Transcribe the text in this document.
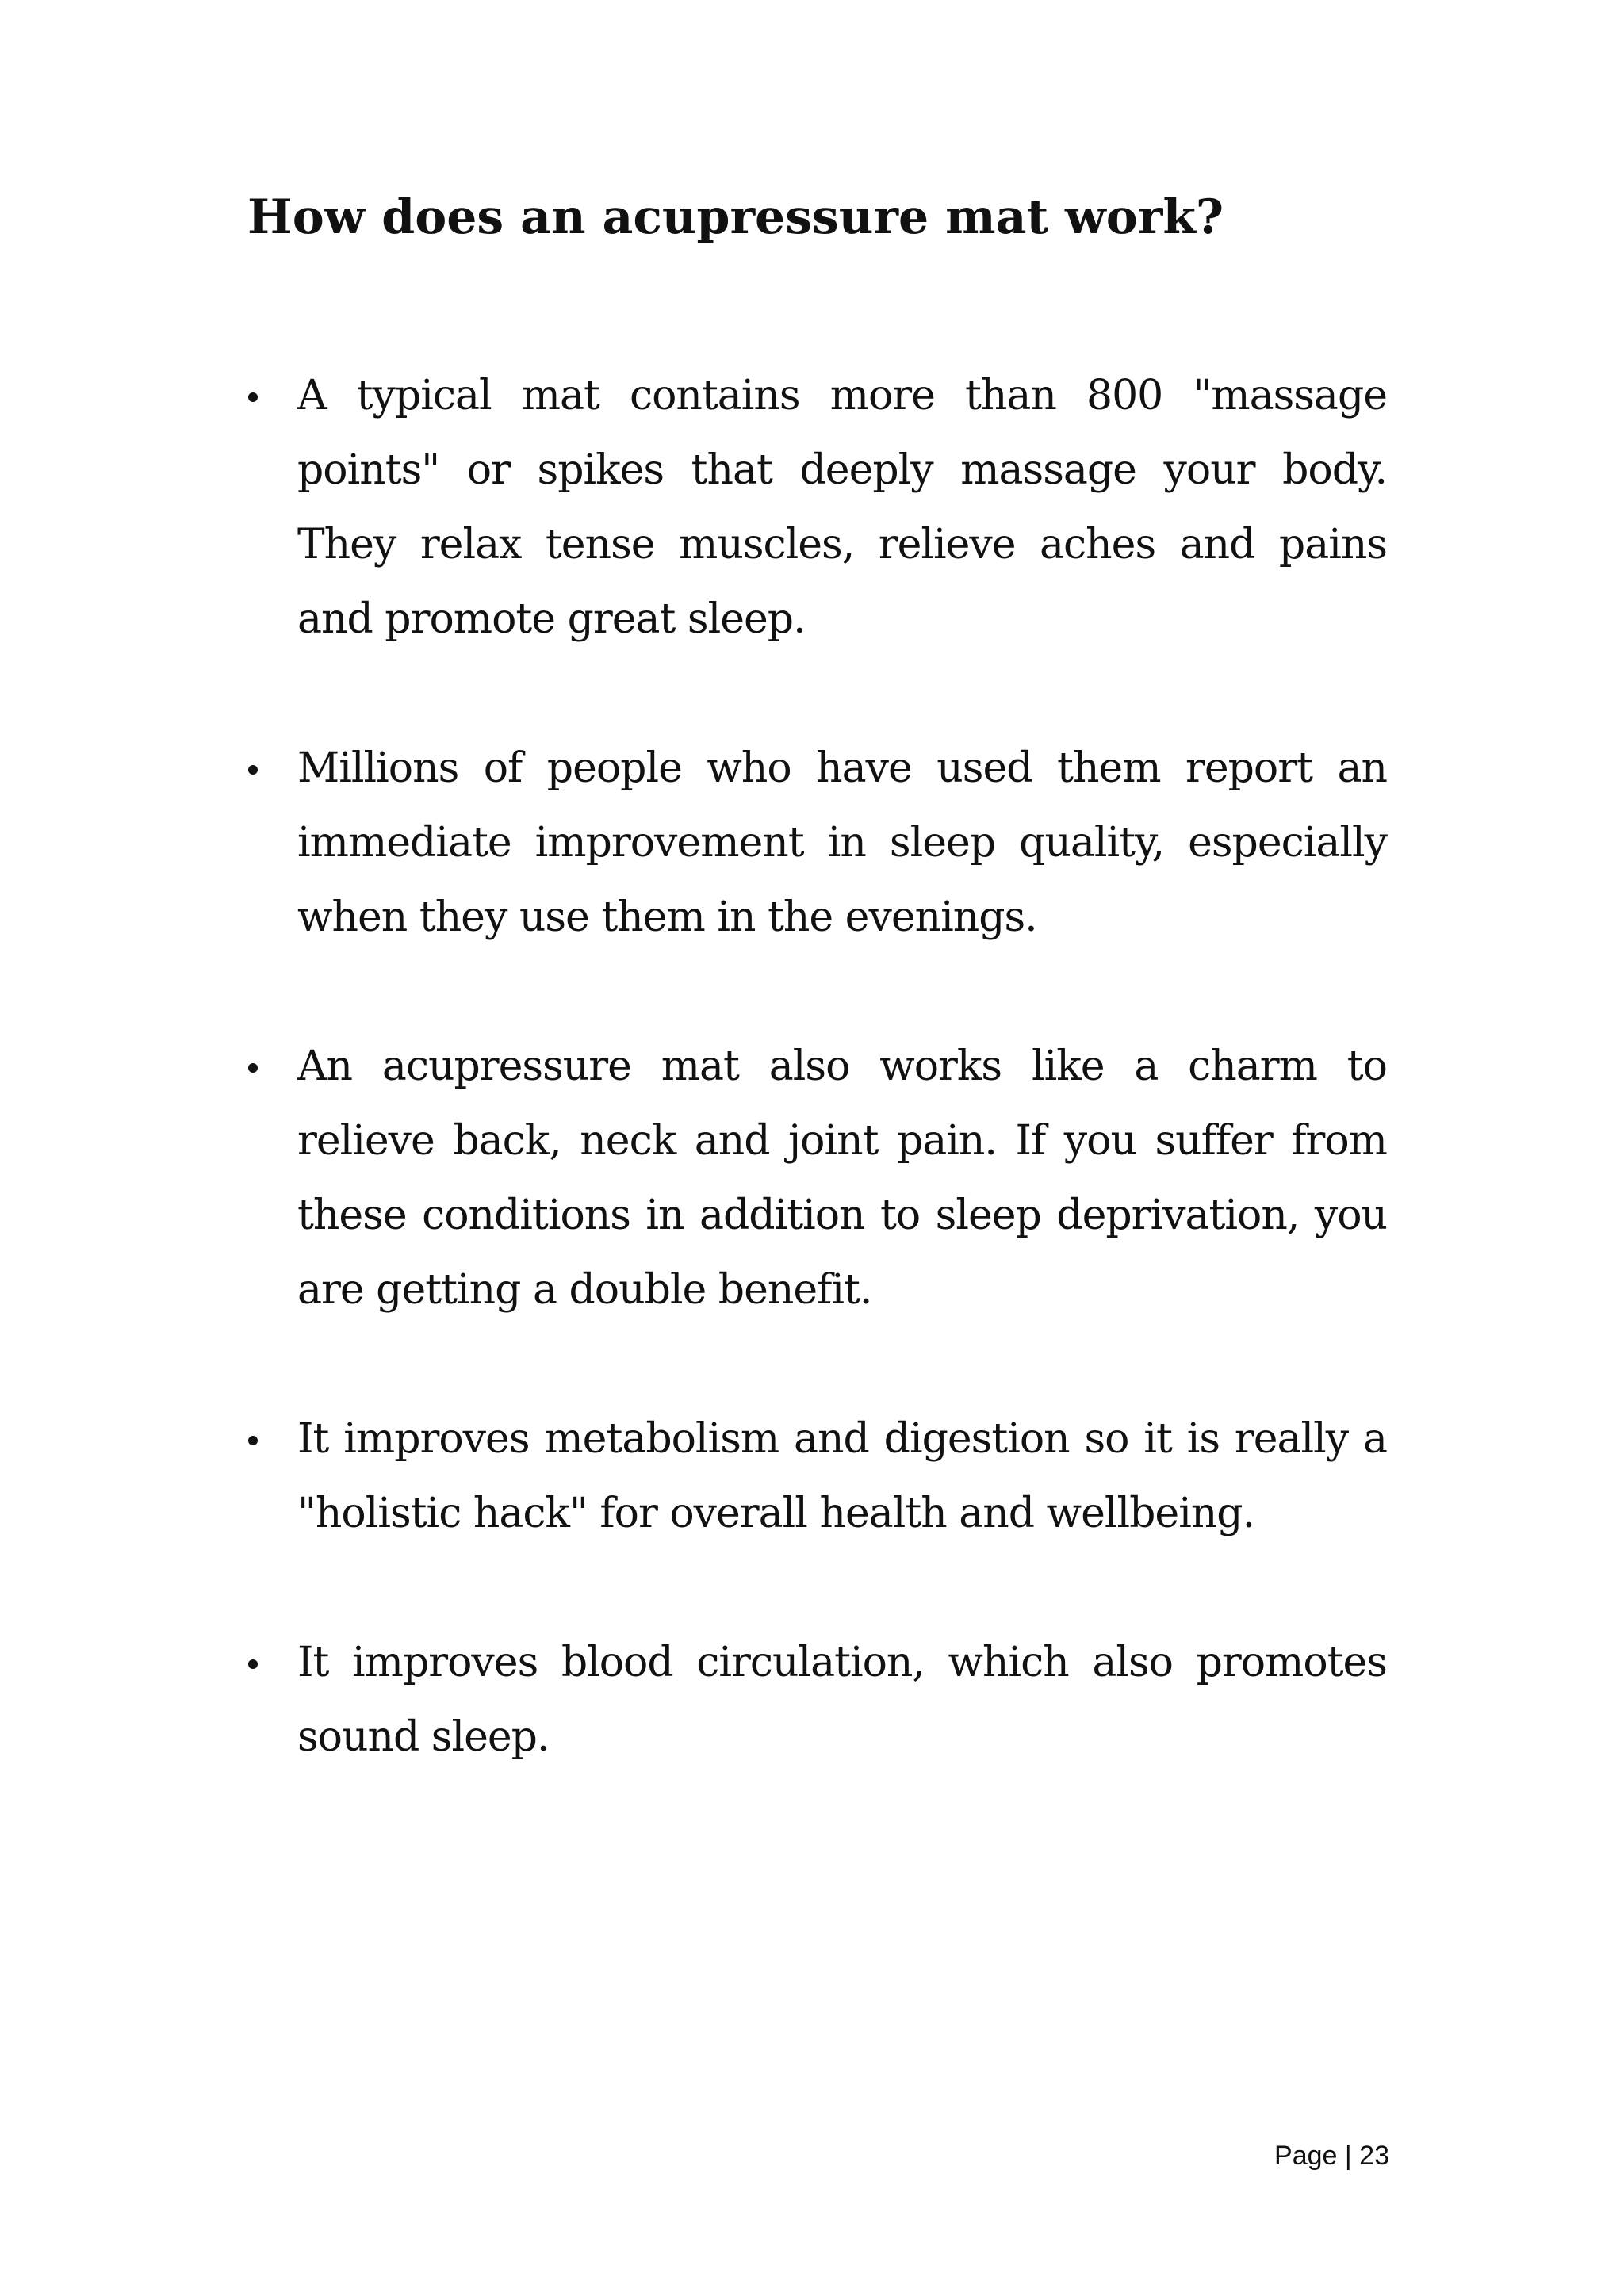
How does an acupressure mat work?
A typical mat contains more than 800 "massage points" or spikes that deeply massage your body. They relax tense muscles, relieve aches and pains and promote great sleep.
Millions of people who have used them report an immediate improvement in sleep quality, especially when they use them in the evenings.
An acupressure mat also works like a charm to relieve back, neck and joint pain. If you suffer from these conditions in addition to sleep deprivation, you are getting a double benefit.
It improves metabolism and digestion so it is really a "holistic hack" for overall health and wellbeing.
It improves blood circulation, which also promotes sound sleep.
Page | 23
